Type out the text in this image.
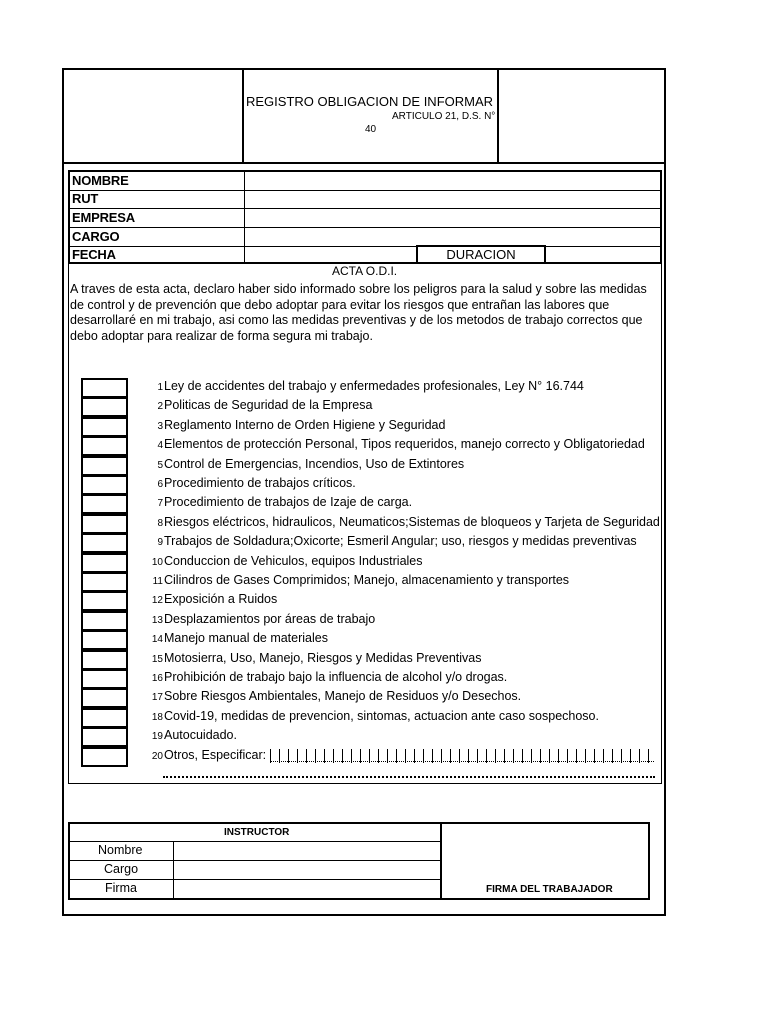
REGISTRO OBLIGACION DE INFORMAR
ARTICULO 21, D.S. N°
40
NOMBRE
RUT
EMPRESA
CARGO
FECHA	DURACION
ACTA O.D.I.
A traves de esta acta, declaro haber sido informado sobre los peligros para la salud y sobre las medidas de control y de prevención que debo adoptar para evitar los riesgos que entrañan las labores que desarrollaré en mi trabajo, asi como las medidas preventivas y de los metodos de trabajo correctos que debo adoptar para realizar de forma segura mi trabajo.
1Ley de accidentes del trabajo y enfermedades profesionales, Ley N° 16.744
2Politicas de Seguridad de la Empresa
3Reglamento Interno de Orden Higiene y Seguridad
4Elementos de protección Personal, Tipos requeridos, manejo correcto y Obligatoriedad
5Control de Emergencias, Incendios, Uso de Extintores
6Procedimiento de trabajos críticos.
7Procedimiento de trabajos de Izaje de carga.
8Riesgos eléctricos, hidraulicos, Neumaticos;Sistemas de bloqueos y Tarjeta de Seguridad
9Trabajos de Soldadura;Oxicorte; Esmeril Angular; uso, riesgos y medidas preventivas
10Conduccion de Vehiculos, equipos Industriales
11Cilindros de Gases Comprimidos; Manejo, almacenamiento y transportes
12Exposición a Ruidos
13Desplazamientos por áreas de trabajo
14Manejo manual de materiales
15Motosierra, Uso, Manejo, Riesgos y Medidas Preventivas
16Prohibición de trabajo bajo la influencia de alcohol y/o drogas.
17Sobre Riesgos Ambientales, Manejo de Residuos y/o Desechos.
18Covid-19, medidas de prevencion, sintomas, actuacion ante caso sospechoso.
19Autocuidado.
20Otros, Especificar:
INSTRUCTOR
Nombre
Cargo
Firma	FIRMA DEL TRABAJADOR
